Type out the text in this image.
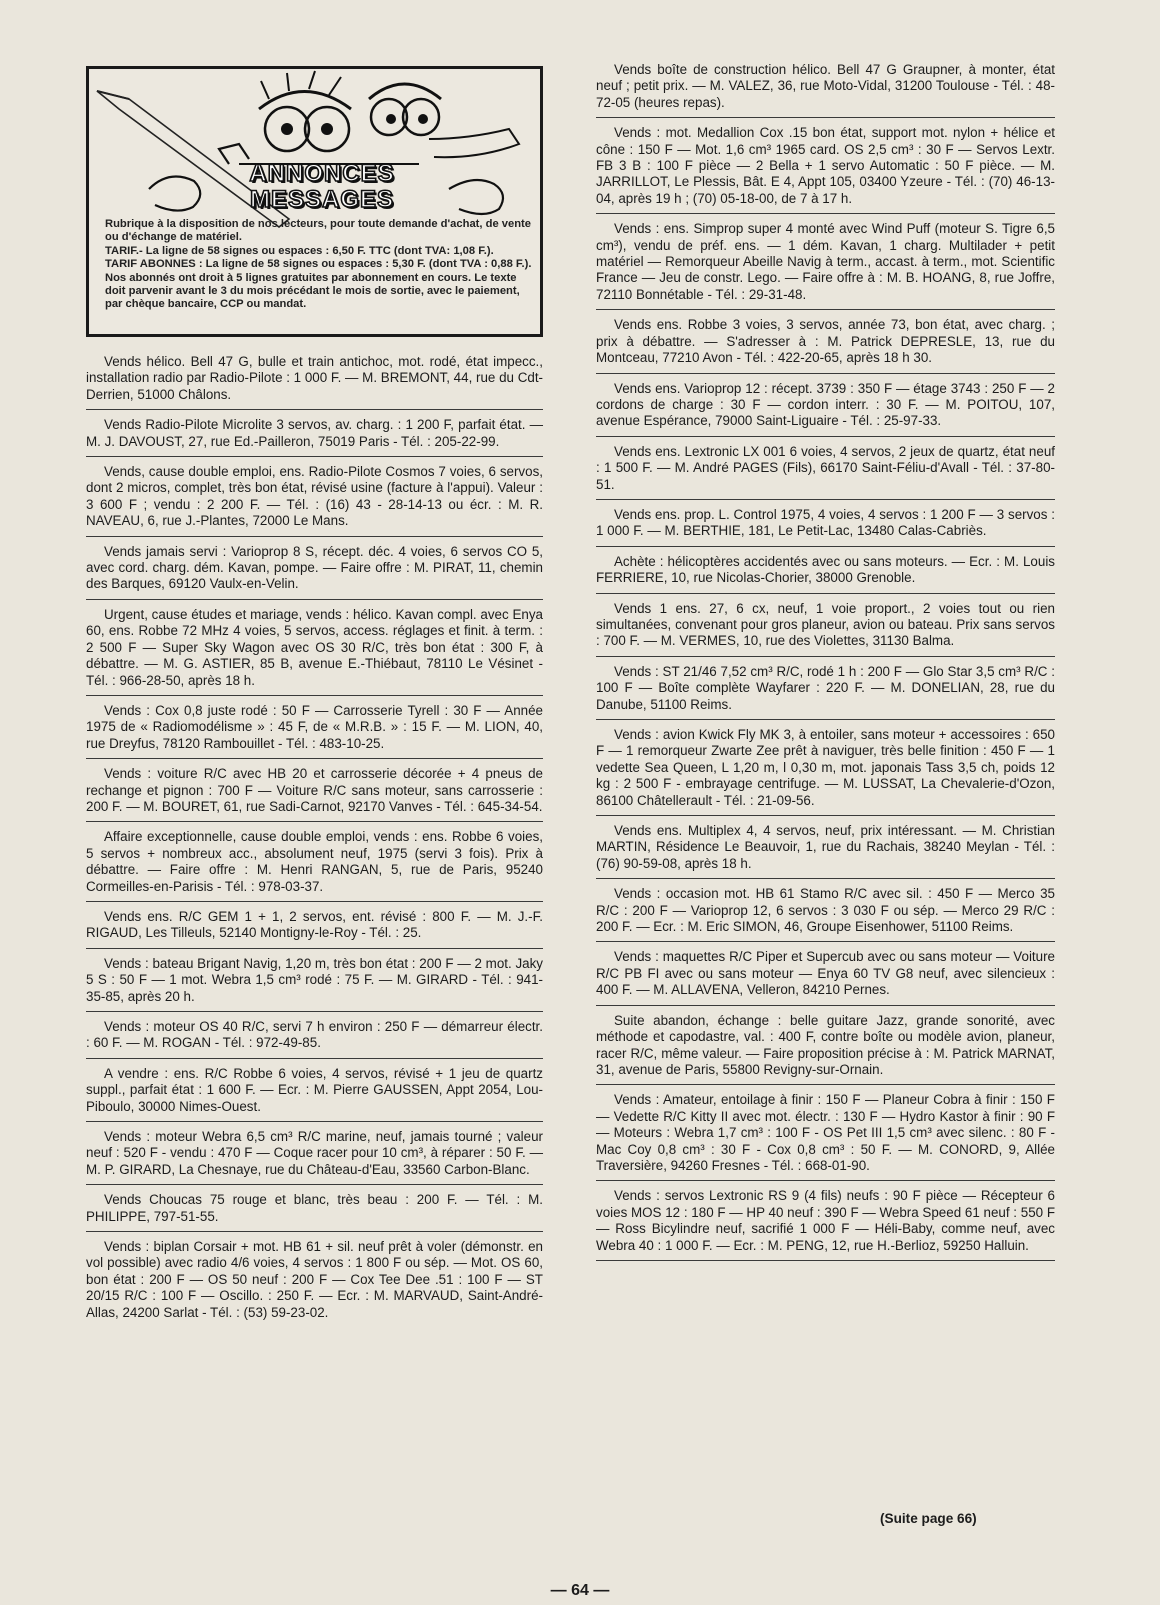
ANNONCES
MESSAGES

Rubrique à la disposition de nos lecteurs, pour toute demande d'achat, de vente ou d'échange de matériel.

TARIF.- La ligne de 58 signes ou espaces : 6,50 F. TTC (dont TVA: 1,08 F.).

TARIF ABONNES : La ligne de 58 signes ou espaces : 5,30 F. (dont TVA : 0,88 F.). Nos abonnés ont droit à 5 lignes gratuites par abonnement en cours. Le texte doit parvenir avant le 3 du mois précédant le mois de sortie, avec le paiement, par chèque bancaire, CCP ou mandat.

Vends hélico. Bell 47 G, bulle et train antichoc, mot. rodé, état impecc., installation radio par Radio-Pilote : 1 000 F. — M. BREMONT, 44, rue du Cdt-Derrien, 51000 Châlons.
Vends Radio-Pilote Microlite 3 servos, av. charg. : 1 200 F, parfait état. — M. J. DAVOUST, 27, rue Ed.-Pailleron, 75019 Paris - Tél. : 205-22-99.
Vends, cause double emploi, ens. Radio-Pilote Cosmos 7 voies, 6 servos, dont 2 micros, complet, très bon état, révisé usine (facture à l'appui). Valeur : 3 600 F ; vendu : 2 200 F. — Tél. : (16) 43 - 28-14-13 ou écr. : M. R. NAVEAU, 6, rue J.-Plantes, 72000 Le Mans.
Vends jamais servi : Varioprop 8 S, récept. déc. 4 voies, 6 servos CO 5, avec cord. charg. dém. Kavan, pompe. — Faire offre : M. PIRAT, 11, chemin des Barques, 69120 Vaulx-en-Velin.
Urgent, cause études et mariage, vends : hélico. Kavan compl. avec Enya 60, ens. Robbe 72 MHz 4 voies, 5 servos, access. réglages et finit. à term. : 2 500 F — Super Sky Wagon avec OS 30 R/C, très bon état : 300 F, à débattre. — M. G. ASTIER, 85 B, avenue E.-Thiébaut, 78110 Le Vésinet - Tél. : 966-28-50, après 18 h.
Vends : Cox 0,8 juste rodé : 50 F — Carrosserie Tyrell : 30 F — Année 1975 de « Radiomodélisme » : 45 F, de « M.R.B. » : 15 F. — M. LION, 40, rue Dreyfus, 78120 Rambouillet - Tél. : 483-10-25.
Vends : voiture R/C avec HB 20 et carrosserie décorée + 4 pneus de rechange et pignon : 700 F — Voiture R/C sans moteur, sans carrosserie : 200 F. — M. BOURET, 61, rue Sadi-Carnot, 92170 Vanves - Tél. : 645-34-54.
Affaire exceptionnelle, cause double emploi, vends : ens. Robbe 6 voies, 5 servos + nombreux acc., absolument neuf, 1975 (servi 3 fois). Prix à débattre. — Faire offre : M. Henri RANGAN, 5, rue de Paris, 95240 Cormeilles-en-Parisis - Tél. : 978-03-37.
Vends ens. R/C GEM 1 + 1, 2 servos, ent. révisé : 800 F. — M. J.-F. RIGAUD, Les Tilleuls, 52140 Montigny-le-Roy - Tél. : 25.
Vends : bateau Brigant Navig, 1,20 m, très bon état : 200 F — 2 mot. Jaky 5 S : 50 F — 1 mot. Webra 1,5 cm³ rodé : 75 F. — M. GIRARD - Tél. : 941-35-85, après 20 h.
Vends : moteur OS 40 R/C, servi 7 h environ : 250 F — démarreur électr. : 60 F. — M. ROGAN - Tél. : 972-49-85.
A vendre : ens. R/C Robbe 6 voies, 4 servos, révisé + 1 jeu de quartz suppl., parfait état : 1 600 F. — Ecr. : M. Pierre GAUSSEN, Appt 2054, Lou-Piboulo, 30000 Nimes-Ouest.
Vends : moteur Webra 6,5 cm³ R/C marine, neuf, jamais tourné ; valeur neuf : 520 F - vendu : 470 F — Coque racer pour 10 cm³, à réparer : 50 F. — M. P. GIRARD, La Chesnaye, rue du Château-d'Eau, 33560 Carbon-Blanc.
Vends Choucas 75 rouge et blanc, très beau : 200 F. — Tél. : M. PHILIPPE, 797-51-55.
Vends : biplan Corsair + mot. HB 61 + sil. neuf prêt à voler (démonstr. en vol possible) avec radio 4/6 voies, 4 servos : 1 800 F ou sép. — Mot. OS 60, bon état : 200 F — OS 50 neuf : 200 F — Cox Tee Dee .51 : 100 F — ST 20/15 R/C : 100 F — Oscillo. : 250 F. — Ecr. : M. MARVAUD, Saint-André-Allas, 24200 Sarlat - Tél. : (53) 59-23-02.
Vends boîte de construction hélico. Bell 47 G Graupner, à monter, état neuf ; petit prix. — M. VALEZ, 36, rue Moto-Vidal, 31200 Toulouse - Tél. : 48-72-05 (heures repas).
Vends : mot. Medallion Cox .15 bon état, support mot. nylon + hélice et cône : 150 F — Mot. 1,6 cm³ 1965 card. OS 2,5 cm³ : 30 F — Servos Lextr. FB 3 B : 100 F pièce — 2 Bella + 1 servo Automatic : 50 F pièce. — M. JARRILLOT, Le Plessis, Bât. E 4, Appt 105, 03400 Yzeure - Tél. : (70) 46-13-04, après 19 h ; (70) 05-18-00, de 7 à 17 h.
Vends : ens. Simprop super 4 monté avec Wind Puff (moteur S. Tigre 6,5 cm³), vendu de préf. ens. — 1 dém. Kavan, 1 charg. Multilader + petit matériel — Remorqueur Abeille Navig à term., accast. à term., mot. Scientific France — Jeu de constr. Lego. — Faire offre à : M. B. HOANG, 8, rue Joffre, 72110 Bonnétable - Tél. : 29-31-48.
Vends ens. Robbe 3 voies, 3 servos, année 73, bon état, avec charg. ; prix à débattre. — S'adresser à : M. Patrick DEPRESLE, 13, rue du Montceau, 77210 Avon - Tél. : 422-20-65, après 18 h 30.
Vends ens. Varioprop 12 : récept. 3739 : 350 F — étage 3743 : 250 F — 2 cordons de charge : 30 F — cordon interr. : 30 F. — M. POITOU, 107, avenue Espérance, 79000 Saint-Liguaire - Tél. : 25-97-33.
Vends ens. Lextronic LX 001 6 voies, 4 servos, 2 jeux de quartz, état neuf : 1 500 F. — M. André PAGES (Fils), 66170 Saint-Féliu-d'Avall - Tél. : 37-80-51.
Vends ens. prop. L. Control 1975, 4 voies, 4 servos : 1 200 F — 3 servos : 1 000 F. — M. BERTHIE, 181, Le Petit-Lac, 13480 Calas-Cabriès.
Achète : hélicoptères accidentés avec ou sans moteurs. — Ecr. : M. Louis FERRIERE, 10, rue Nicolas-Chorier, 38000 Grenoble.
Vends 1 ens. 27, 6 cx, neuf, 1 voie proport., 2 voies tout ou rien simultanées, convenant pour gros planeur, avion ou bateau. Prix sans servos : 700 F. — M. VERMES, 10, rue des Violettes, 31130 Balma.
Vends : ST 21/46 7,52 cm³ R/C, rodé 1 h : 200 F — Glo Star 3,5 cm³ R/C : 100 F — Boîte complète Wayfarer : 220 F. — M. DONELIAN, 28, rue du Danube, 51100 Reims.
Vends : avion Kwick Fly MK 3, à entoiler, sans moteur + accessoires : 650 F — 1 remorqueur Zwarte Zee prêt à naviguer, très belle finition : 450 F — 1 vedette Sea Queen, L 1,20 m, l 0,30 m, mot. japonais Tass 3,5 ch, poids 12 kg : 2 500 F - embrayage centrifuge. — M. LUSSAT, La Chevalerie-d'Ozon, 86100 Châtellerault - Tél. : 21-09-56.
Vends ens. Multiplex 4, 4 servos, neuf, prix intéressant. — M. Christian MARTIN, Résidence Le Beauvoir, 1, rue du Rachais, 38240 Meylan - Tél. : (76) 90-59-08, après 18 h.
Vends : occasion mot. HB 61 Stamo R/C avec sil. : 450 F — Merco 35 R/C : 200 F — Varioprop 12, 6 servos : 3 030 F ou sép. — Merco 29 R/C : 200 F. — Ecr. : M. Eric SIMON, 46, Groupe Eisenhower, 51100 Reims.
Vends : maquettes R/C Piper et Supercub avec ou sans moteur — Voiture R/C PB FI avec ou sans moteur — Enya 60 TV G8 neuf, avec silencieux : 400 F. — M. ALLAVENA, Velleron, 84210 Pernes.
Suite abandon, échange : belle guitare Jazz, grande sonorité, avec méthode et capodastre, val. : 400 F, contre boîte ou modèle avion, planeur, racer R/C, même valeur. — Faire proposition précise à : M. Patrick MARNAT, 31, avenue de Paris, 55800 Revigny-sur-Ornain.
Vends : Amateur, entoilage à finir : 150 F — Planeur Cobra à finir : 150 F — Vedette R/C Kitty II avec mot. électr. : 130 F — Hydro Kastor à finir : 90 F — Moteurs : Webra 1,7 cm³ : 100 F - OS Pet III 1,5 cm³ avec silenc. : 80 F - Mac Coy 0,8 cm³ : 30 F - Cox 0,8 cm³ : 50 F. — M. CONORD, 9, Allée Traversière, 94260 Fresnes - Tél. : 668-01-90.
Vends : servos Lextronic RS 9 (4 fils) neufs : 90 F pièce — Récepteur 6 voies MOS 12 : 180 F — HP 40 neuf : 390 F — Webra Speed 61 neuf : 550 F — Ross Bicylindre neuf, sacrifié 1 000 F — Héli-Baby, comme neuf, avec Webra 40 : 1 000 F. — Ecr. : M. PENG, 12, rue H.-Berlioz, 59250 Halluin.
(Suite page 66)
— 64 —
